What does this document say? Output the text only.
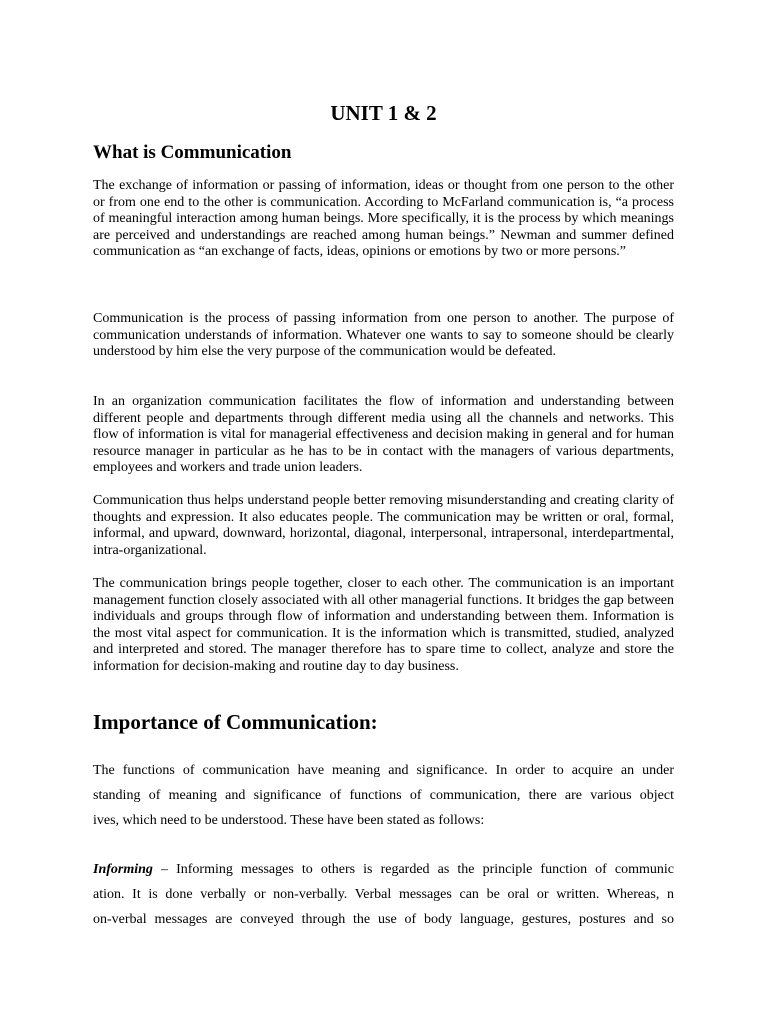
UNIT 1 & 2
What is Communication

The exchange of information or passing of information, ideas or thought from one person to the other or from one end to the other is communication. According to McFarland communication is, “a process of meaningful interaction among human beings. More specifically, it is the process by which meanings are perceived and understandings are reached among human beings.” Newman and summer defined communication as “an exchange of facts, ideas, opinions or emotions by two or more persons.”

Communication is the process of passing information from one person to another. The purpose of communication understands of information. Whatever one wants to say to someone should be clearly understood by him else the very purpose of the communication would be defeated.

In an organization communication facilitates the flow of information and understanding between different people and departments through different media using all the channels and networks. This flow of information is vital for managerial effectiveness and decision making in general and for human resource manager in particular as he has to be in contact with the managers of various departments, employees and workers and trade union leaders.

Communication thus helps understand people better removing misunderstanding and creating clarity of thoughts and expression. It also educates people. The communication may be written or oral, formal, informal, and upward, downward, horizontal, diagonal, interpersonal, intrapersonal, interdepartmental, intra-organizational.

The communication brings people together, closer to each other. The communication is an important management function closely associated with all other managerial functions. It bridges the gap between individuals and groups through flow of information and understanding between them. Information is the most vital aspect for communication. It is the information which is transmitted, studied, analyzed and interpreted and stored. The manager therefore has to spare time to collect, analyze and store the information for decision-making and routine day to day business.

Importance of Communication:

The functions of communication have meaning and significance. In order to acquire an under

standing of meaning and significance of functions of communication, there are various object

ives, which need to be understood. These have been stated as follows:

Informing – Informing messages to others is regarded as the principle function of communic

ation. It is done verbally or non-verbally. Verbal messages can be oral or written. Whereas, n

on-verbal messages are conveyed through the use of body language, gestures, postures and so
